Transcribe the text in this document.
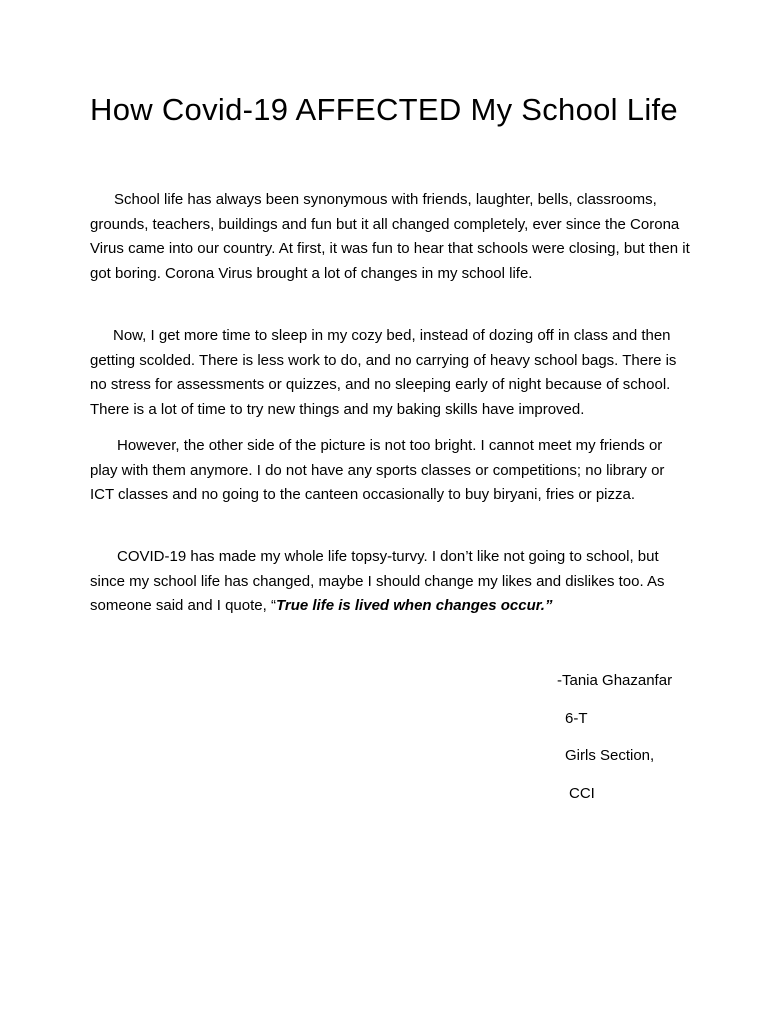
How Covid-19 AFFECTED My School Life

School life has always been synonymous with friends, laughter, bells, classrooms, grounds, teachers, buildings and fun but it all changed completely, ever since the Corona Virus came into our country. At first, it was fun to hear that schools were closing, but then it got boring. Corona Virus brought a lot of changes in my school life.

Now, I get more time to sleep in my cozy bed, instead of dozing off in class and then getting scolded. There is less work to do, and no carrying of heavy school bags. There is no stress for assessments or quizzes, and no sleeping early of night because of school. There is a lot of time to try new things and my baking skills have improved.

However, the other side of the picture is not too bright. I cannot meet my friends or play with them anymore. I do not have any sports classes or competitions; no library or ICT classes and no going to the canteen occasionally to buy biryani, fries or pizza.

COVID-19 has made my whole life topsy-turvy. I don’t like not going to school, but since my school life has changed, maybe I should change my likes and dislikes too. As someone said and I quote, “True life is lived when changes occur.”

-Tania Ghazanfar
6-T
Girls Section,
CCI
